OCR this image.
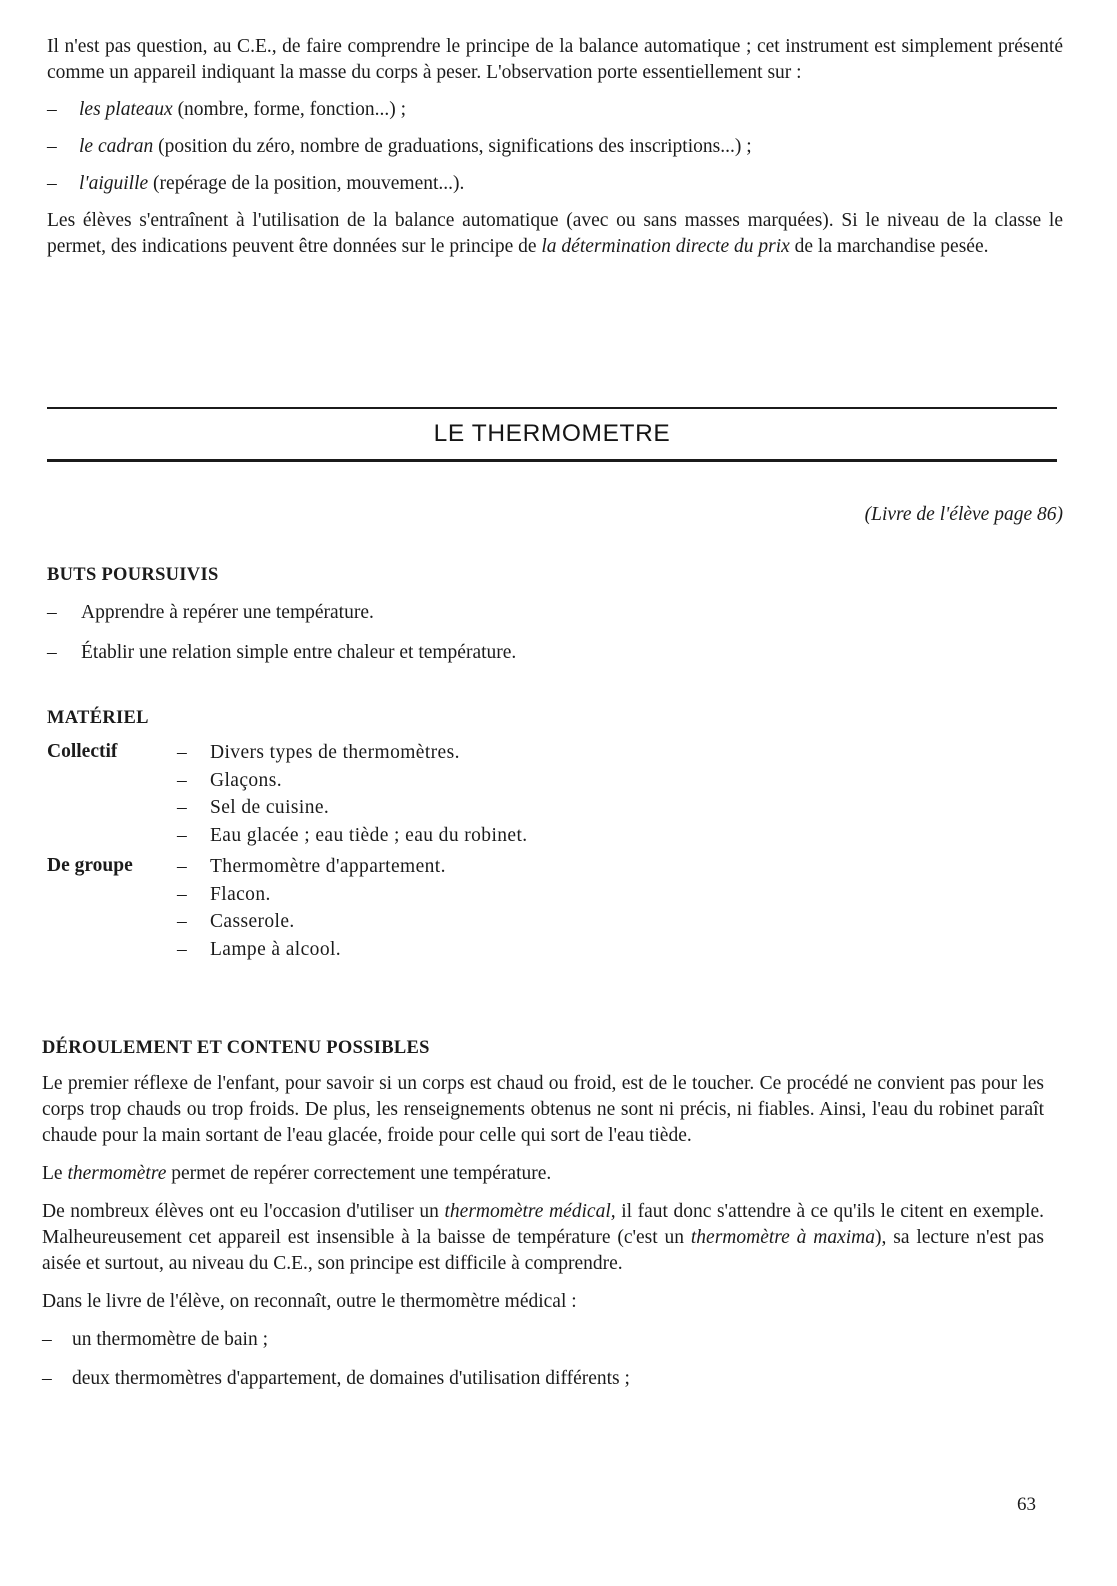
Il n'est pas question, au C.E., de faire comprendre le principe de la balance automatique ; cet instrument est simplement présenté comme un appareil indiquant la masse du corps à peser. L'observation porte essentiellement sur :

– les plateaux (nombre, forme, fonction...) ;
– le cadran (position du zéro, nombre de graduations, significations des inscriptions...) ;
– l'aiguille (repérage de la position, mouvement...).

Les élèves s'entraînent à l'utilisation de la balance automatique (avec ou sans masses marquées). Si le niveau de la classe le permet, des indications peuvent être données sur le principe de la détermination directe du prix de la marchandise pesée.

LE THERMOMETRE
(Livre de l'élève page 86)
BUTS POURSUIVIS
– Apprendre à repérer une température.
– Établir une relation simple entre chaleur et température.
MATÉRIEL
Collectif	– Divers types de thermomètres.
– Glaçons.
– Sel de cuisine.
– Eau glacée ; eau tiède ; eau du robinet.
De groupe	– Thermomètre d'appartement.
– Flacon.
– Casserole.
– Lampe à alcool.
DÉROULEMENT ET CONTENU POSSIBLES

Le premier réflexe de l'enfant, pour savoir si un corps est chaud ou froid, est de le toucher. Ce procédé ne convient pas pour les corps trop chauds ou trop froids. De plus, les renseignements obtenus ne sont ni précis, ni fiables. Ainsi, l'eau du robinet paraît chaude pour la main sortant de l'eau glacée, froide pour celle qui sort de l'eau tiède.

Le thermomètre permet de repérer correctement une température.

De nombreux élèves ont eu l'occasion d'utiliser un thermomètre médical, il faut donc s'attendre à ce qu'ils le citent en exemple. Malheureusement cet appareil est insensible à la baisse de température (c'est un thermomètre à maxima), sa lecture n'est pas aisée et surtout, au niveau du C.E., son principe est difficile à comprendre.

Dans le livre de l'élève, on reconnaît, outre le thermomètre médical :

– un thermomètre de bain ;
– deux thermomètres d'appartement, de domaines d'utilisation différents ;
63
